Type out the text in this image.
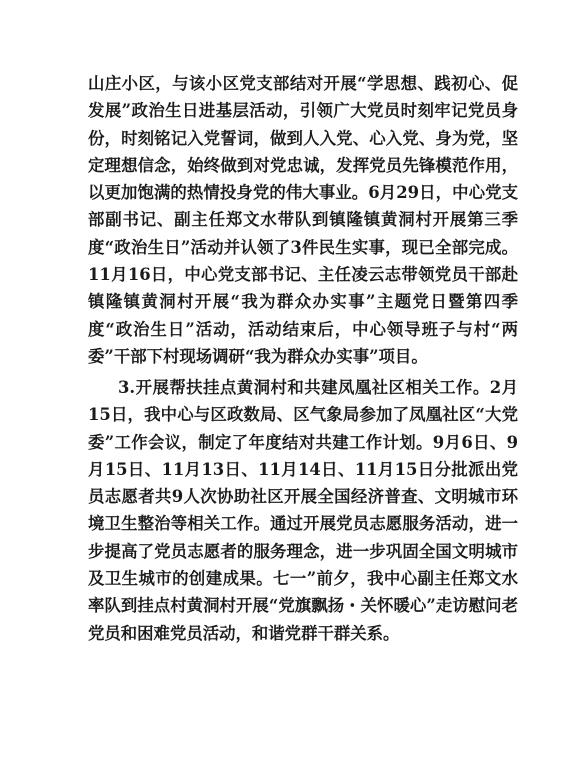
山庄小区，与该小区党支部结对开展“学思想、践初心、促发展”政治生日进基层活动，引领广大党员时刻牢记党员身份，时刻铭记入党誓词，做到人入党、心入党、身为党，坚定理想信念，始终做到对党忠诚，发挥党员先锋模范作用，以更加饱满的热情投身党的伟大事业。6月29日，中心党支部副书记、副主任郑文水带队到镇隆镇黄洞村开展第三季度“政治生日”活动并认领了3件民生实事，现已全部完成。11月16日，中心党支部书记、主任凌云志带领党员干部赴镇隆镇黄洞村开展“我为群众办实事”主题党日暨第四季度“政治生日”活动，活动结束后，中心领导班子与村“两委”干部下村现场调研“我为群众办实事”项目。

3.开展帮扶挂点黄洞村和共建凤凰社区相关工作。2月15日，我中心与区政数局、区气象局参加了凤凰社区“大党委”工作会议，制定了年度结对共建工作计划。9月6日、9月15日、11月13日、11月14日、11月15日分批派出党员志愿者共9人次协助社区开展全国经济普查、文明城市环境卫生整治等相关工作。通过开展党员志愿服务活动，进一步提高了党员志愿者的服务理念，进一步巩固全国文明城市及卫生城市的创建成果。七一”前夕，我中心副主任郑文水率队到挂点村黄洞村开展“党旗飘扬・关怀暖心”走访慰问老党员和困难党员活动，和谐党群干群关系。
